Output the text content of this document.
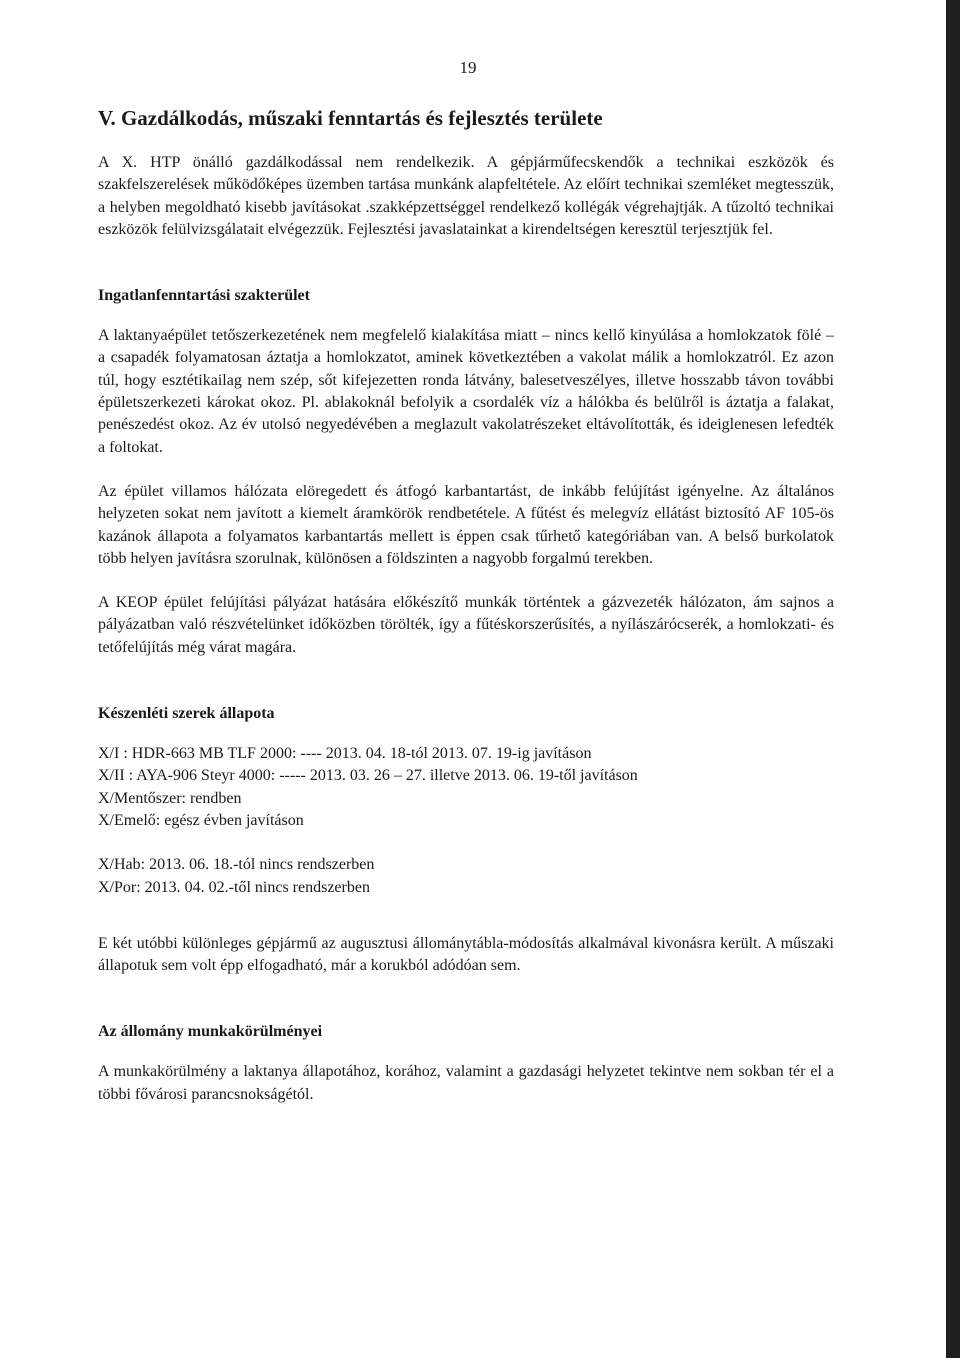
19
V. Gazdálkodás, műszaki fenntartás és fejlesztés területe

A X. HTP önálló gazdálkodással nem rendelkezik. A gépjárműfecskendők a technikai eszközök és szakfelszerelések működőképes üzemben tartása munkánk alapfeltétele. Az előírt technikai szemléket megtesszük, a helyben megoldható kisebb javításokat .szakképzettséggel rendelkező kollégák végrehajtják. A tűzoltó technikai eszközök felülvizsgálatait elvégezzük. Fejlesztési javaslatainkat a kirendeltségen keresztül terjesztjük fel.

Ingatlanfenntartási szakterület

A laktanyaépület tetőszerkezetének nem megfelelő kialakítása miatt – nincs kellő kinyúlása a homlokzatok fölé – a csapadék folyamatosan áztatja a homlokzatot, aminek következtében a vakolat málik a homlokzatról. Ez azon túl, hogy esztétikailag nem szép, sőt kifejezetten ronda látvány, balesetveszélyes, illetve hosszabb távon további épületszerkezeti károkat okoz. Pl. ablakoknál befolyik a csordalék víz a hálókba és belülről is áztatja a falakat, penészedést okoz. Az év utolsó negyedévében a meglazult vakolatrészeket eltávolították, és ideiglenesen lefedték a foltokat.

Az épület villamos hálózata elöregedett és átfogó karbantartást, de inkább felújítást igényelne. Az általános helyzeten sokat nem javított a kiemelt áramkörök rendbetétele. A fűtést és melegvíz ellátást biztosító AF 105-ös kazánok állapota a folyamatos karbantartás mellett is éppen csak tűrhető kategóriában van. A belső burkolatok több helyen javításra szorulnak, különösen a földszinten a nagyobb forgalmú terekben.

A KEOP épület felújítási pályázat hatására előkészítő munkák történtek a gázvezeték hálózaton, ám sajnos a pályázatban való részvételünket időközben törölték, így a fűtéskorszerűsítés, a nyílászárócserék, a homlokzati- és tetőfelújítás még várat magára.

Készenléti szerek állapota
X/I : HDR-663 MB TLF 2000: ---- 2013. 04. 18-tól 2013. 07. 19-ig javításon
X/II : AYA-906 Steyr 4000: ----- 2013. 03. 26 – 27. illetve 2013. 06. 19-től javításon
X/Mentőszer: rendben
X/Emelő: egész évben javításon
X/Hab: 2013. 06. 18.-tól nincs rendszerben
X/Por: 2013. 04. 02.-től nincs rendszerben

E két utóbbi különleges gépjármű az augusztusi állománytábla-módosítás alkalmával kivonásra került. A műszaki állapotuk sem volt épp elfogadható, már a korukból adódóan sem.

Az állomány munkakörülményei

A munkakörülmény a laktanya állapotához, korához, valamint a gazdasági helyzetet tekintve nem sokban tér el a többi fővárosi parancsnokságétól.
